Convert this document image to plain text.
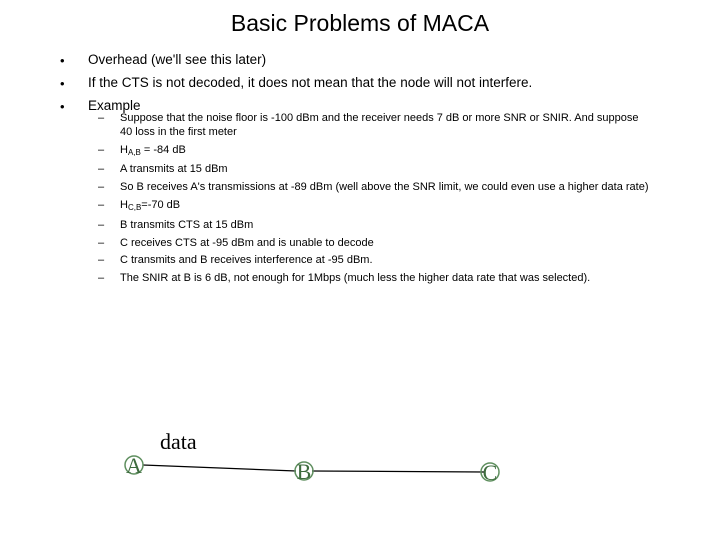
Basic Problems of MACA
• Overhead (we'll see this later)
• If the CTS is not decoded, it does not mean that the node will not interfere.
• Example
– Suppose that the noise floor is -100 dBm and the receiver needs 7 dB or more SNR or SNIR. And suppose 40 loss in the first meter
– $H_{A,B} = -84$ dB
– A transmits at 15 dBm
– So B receives A's transmissions at -89 dBm (well above the SNR limit, we could even use a higher data rate)
– $H_{C,B}=-70$ dB
– B transmits CTS at 15 dBm
– C receives CTS at -95 dBm and is unable to decode
– C transmits and B receives interference at -95 dBm.
– The SNIR at B is 6 dB, not enough for 1Mbps (much less the higher data rate that was selected).
data
A	B	C
